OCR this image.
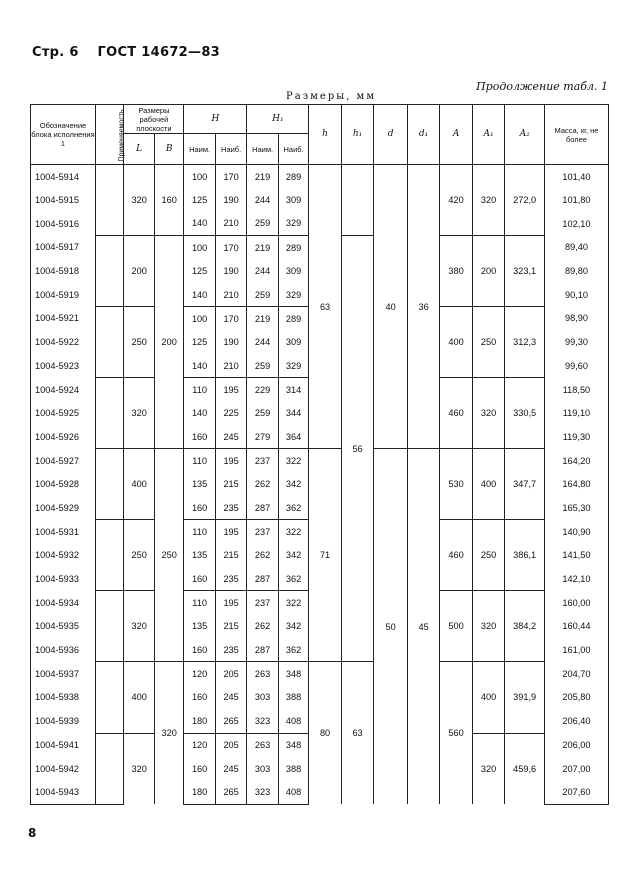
Стр. 6 ГОСТ 14672—83
Продолжение табл. 1
Размеры, мм
Обозначение блока исполнения 1	Применяемость	Размеры рабочей плоскости		H		H₁		h	h₁	d	d₁	A	A₁	A₂	Масса, кг, не более
		L	B	Наим.	Наиб.	Наим.	Наиб.								
1004-5914		320	160	100	170	219	289	63		40	36	420	320	272,0	101,40
1004-5915				125	190	244	309								101,80
1004-5916				140	210	259	329								102,10
1004-5917		200	200	100	170	219	289		56			380	200	323,1	89,40
1004-5918				125	190	244	309								89,80
1004-5919				140	210	259	329								90,10
1004-5921		250		100	170	219	289					400	250	312,3	98,90
1004-5922				125	190	244	309								99,30
1004-5923				140	210	259	329								99,60
1004-5924		320		110	195	229	314					460	320	330,5	118,50
1004-5925				140	225	259	344								119,10
1004-5926				160	245	279	364								119,30
1004-5927		400	250	110	195	237	322	71		50	45	530	400	347,7	164,20
1004-5928				135	215	262	342								164,80
1004-5929				160	235	287	362								165,30
1004-5931		250		110	195	237	322					460	250	386,1	140,90
1004-5932				135	215	262	342								141,50
1004-5933				160	235	287	362								142,10
1004-5934		320		110	195	237	322					500	320	384,2	160,00
1004-5935				135	215	262	342								160,44
1004-5936				160	235	287	362								161,00
1004-5937		400	320	120	205	263	348	80	63			560	400	391,9	204,70
1004-5938				160	245	303	388								205,80
1004-5939				180	265	323	408								206,40
1004-5941		320		120	205	263	348						320	459,6	206,00
1004-5942				160	245	303	388								207,00
1004-5943				180	265	323	408								207,60
8
